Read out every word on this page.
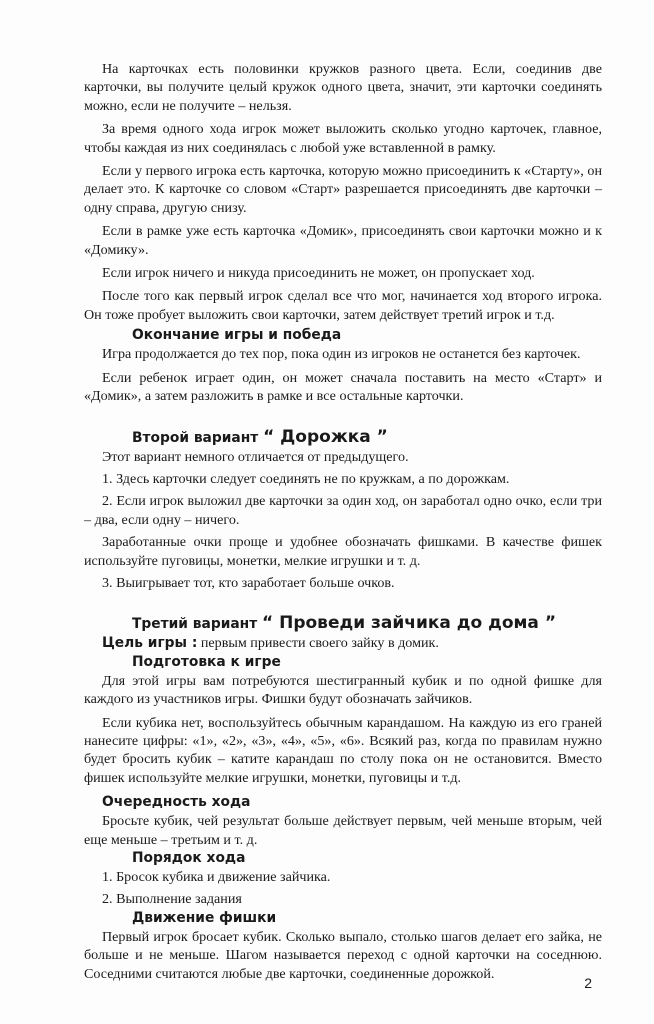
На карточках есть половинки кружков разного цвета. Если, соединив две карточки, вы получите целый кружок одного цвета, значит, эти карточки соединять можно, если не получите – нельзя.

За время одного хода игрок может выложить сколько угодно карточек, главное, чтобы каждая из них соединялась с любой уже вставленной в рамку.

Если у первого игрока есть карточка, которую можно присоединить к «Старту», он делает это. К карточке со словом «Старт» разрешается присоединять две карточки – одну справа, другую снизу.

Если в рамке уже есть карточка «Домик», присоединять свои карточки можно и к «Домику».

Если игрок ничего и никуда присоединить не может, он пропускает ход.

После того как первый игрок сделал все что мог, начинается ход второго игрока. Он тоже пробует выложить свои карточки, затем действует третий игрок и т.д.

Окончание игры и победа

Игра продолжается до тех пор, пока один из игроков не останется без карточек.

Если ребенок играет один, он может сначала поставить на место «Старт» и «Домик», а затем разложить в рамке и все остальные карточки.

Второй вариант “ Дорожка ”

Этот вариант немного отличается от предыдущего.

1. Здесь карточки следует соединять не по кружкам, а по дорожкам.

2. Если игрок выложил две карточки за один ход, он заработал одно очко, если три – два, если одну – ничего.

Заработанные очки проще и удобнее обозначать фишками. В качестве фишек используйте пуговицы, монетки, мелкие игрушки и т. д.

3. Выигрывает тот, кто заработает больше очков.

Третий вариант “ Проведи зайчика до дома ”

Цель игры : первым привести своего зайку в домик.

Подготовка к игре

Для этой игры вам потребуются шестигранный кубик и по одной фишке для каждого из участников игры. Фишки будут обозначать зайчиков.

Если кубика нет, воспользуйтесь обычным карандашом. На каждую из его граней нанесите цифры: «1», «2», «3», «4», «5», «6». Всякий раз, когда по правилам нужно будет бросить кубик – катите карандаш по столу пока он не остановится. Вместо фишек используйте мелкие игрушки, монетки, пуговицы и т.д.

Очередность хода

Бросьте кубик, чей результат больше действует первым, чей меньше вторым, чей еще меньше – третьим и т. д.

Порядок хода

1. Бросок кубика и движение зайчика.

2. Выполнение задания

Движение фишки

Первый игрок бросает кубик. Сколько выпало, столько шагов делает его зайка, не больше и не меньше. Шагом называется переход с одной карточки на соседнюю. Соседними считаются любые две карточки, соединенные дорожкой.

2
